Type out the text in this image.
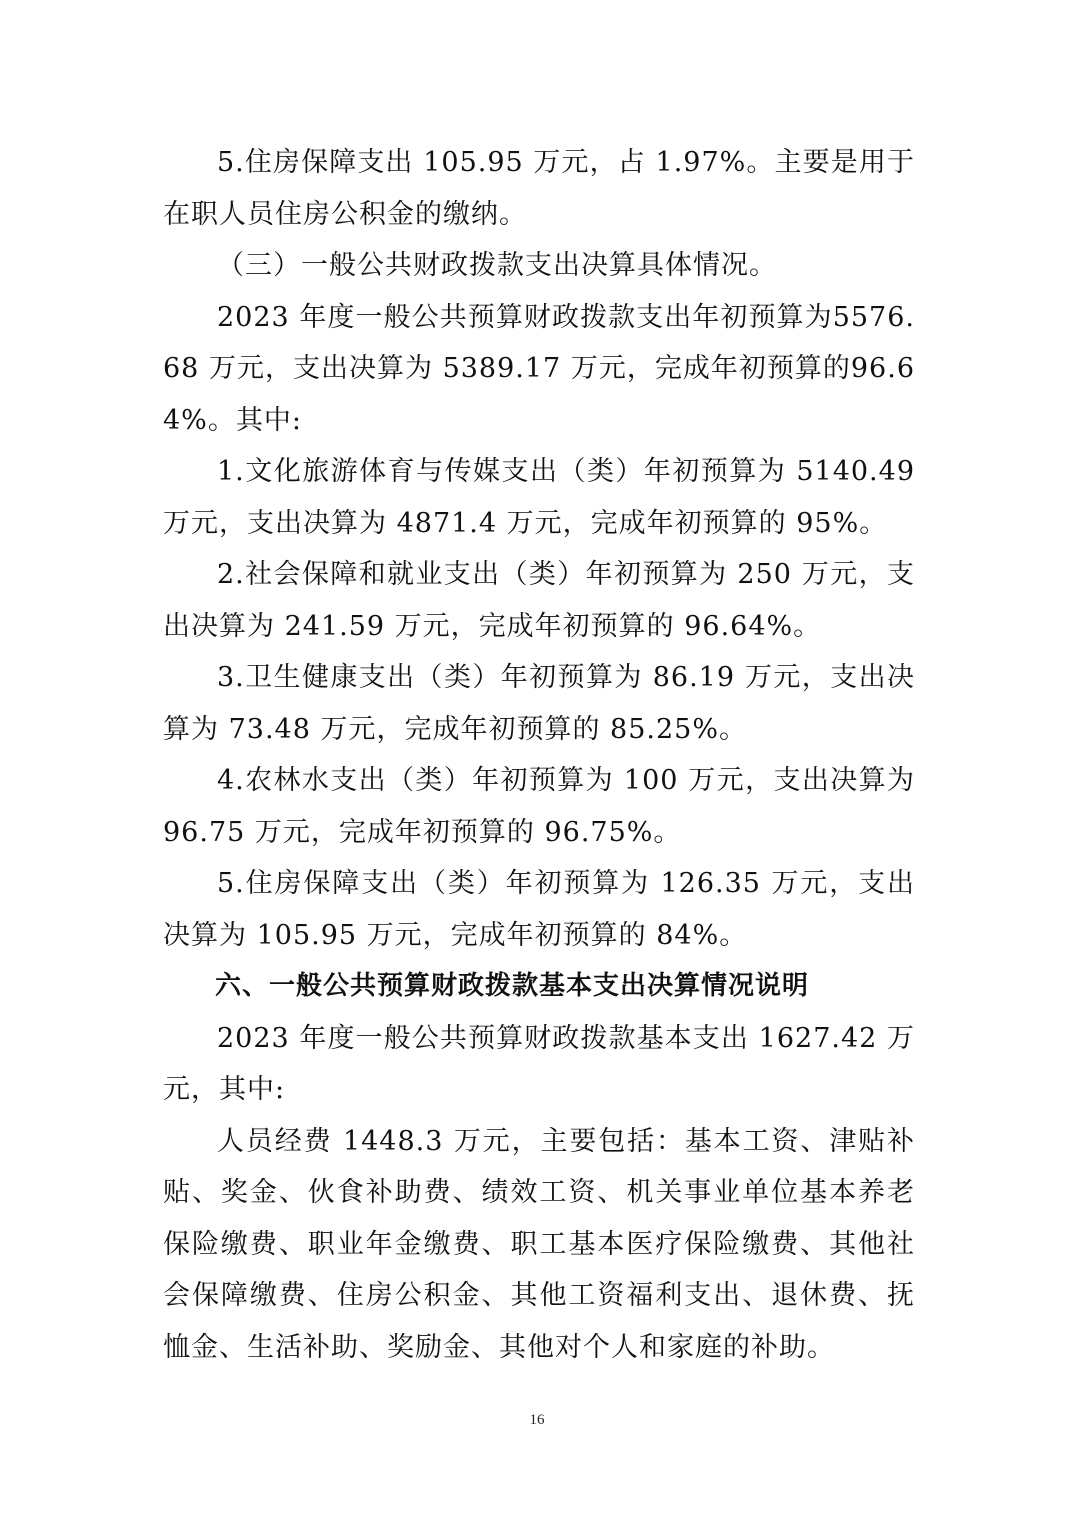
5.住房保障支出 105.95 万元，占 1.97%。主要是用于在职人员住房公积金的缴纳。

（三）一般公共财政拨款支出决算具体情况。

2023 年度一般公共预算财政拨款支出年初预算为5576.68 万元，支出决算为 5389.17 万元，完成年初预算的96.64%。其中:

1.文化旅游体育与传媒支出（类）年初预算为 5140.49万元，支出决算为 4871.4 万元，完成年初预算的 95%。

2.社会保障和就业支出（类）年初预算为 250 万元，支出决算为 241.59 万元，完成年初预算的 96.64%。

3.卫生健康支出（类）年初预算为 86.19 万元，支出决算为 73.48 万元，完成年初预算的 85.25%。

4.农林水支出（类）年初预算为 100 万元，支出决算为96.75 万元，完成年初预算的 96.75%。

5.住房保障支出（类）年初预算为 126.35 万元，支出决算为 105.95 万元，完成年初预算的 84%。

六、一般公共预算财政拨款基本支出决算情况说明

2023 年度一般公共预算财政拨款基本支出 1627.42 万元，其中:

人员经费 1448.3 万元，主要包括：基本工资、津贴补贴、奖金、伙食补助费、绩效工资、机关事业单位基本养老保险缴费、职业年金缴费、职工基本医疗保险缴费、其他社会保障缴费、住房公积金、其他工资福利支出、退休费、抚恤金、生活补助、奖励金、其他对个人和家庭的补助。

16
